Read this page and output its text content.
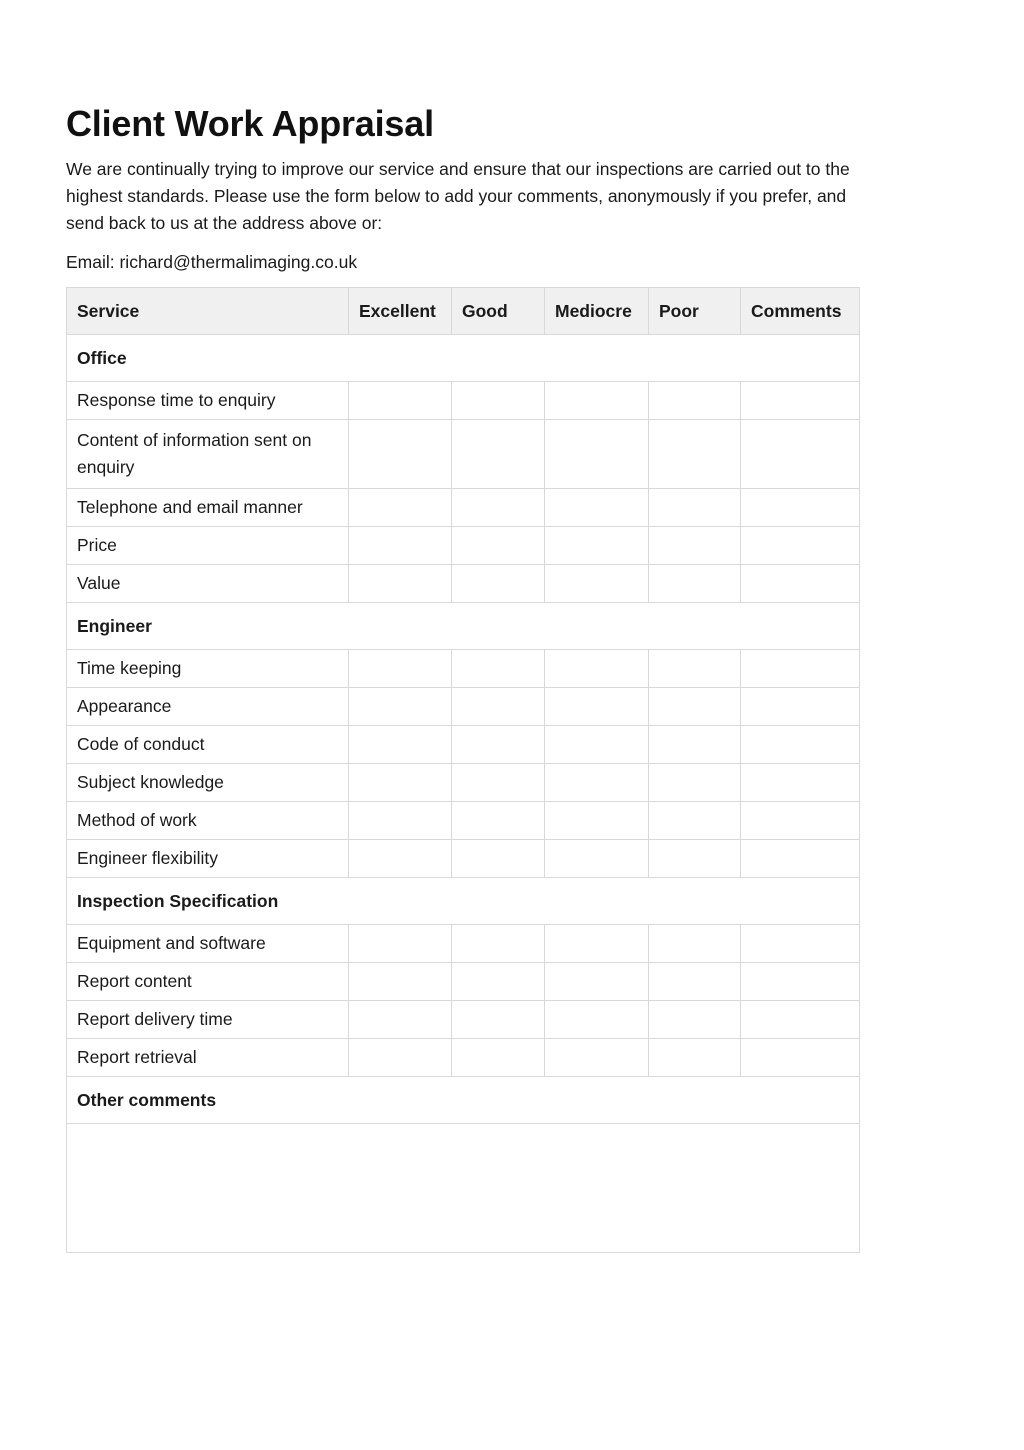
Client Work Appraisal

We are continually trying to improve our service and ensure that our inspections are carried out to the highest standards. Please use the form below to add your comments, anonymously if you prefer, and send back to us at the address above or:

Email: richard@thermalimaging.co.uk

Service	Excellent	Good	Mediocre	Poor	Comments
Office					
Response time to enquiry					
Content of information sent on enquiry					
Telephone and email manner					
Price					
Value					
Engineer					
Time keeping					
Appearance					
Code of conduct					
Subject knowledge					
Method of work					
Engineer flexibility					
Inspection Specification					
Equipment and software					
Report content					
Report delivery time					
Report retrieval					
Other comments					
